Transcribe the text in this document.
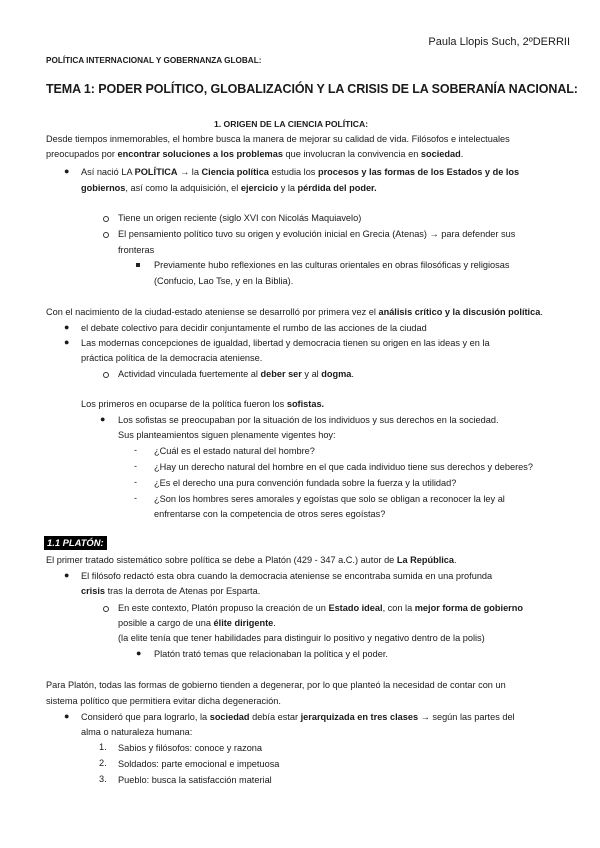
Paula Llopis Such, 2ºDERRII
POLÍTICA INTERNACIONAL Y GOBERNANZA GLOBAL:
TEMA 1: PODER POLÍTICO, GLOBALIZACIÓN Y LA CRISIS DE LA SOBERANÍA NACIONAL:
1. ORIGEN DE LA CIENCIA POLÍTICA:
Desde tiempos inmemorables, el hombre busca la manera de mejorar su calidad de vida. Filósofos e intelectuales
preocupados por encontrar soluciones a los problemas que involucran la convivencia en sociedad.
● Así nació LA POLÍTICA → la Ciencia política estudia los procesos y las formas de los Estados y de los
gobiernos, así como la adquisición, el ejercicio y la pérdida del poder.
Tiene un origen reciente (siglo XVI con Nicolás Maquiavelo)
El pensamiento político tuvo su origen y evolución inicial en Grecia (Atenas) → para defender sus
fronteras
Previamente hubo reflexiones en las culturas orientales en obras filosóficas y religiosas
(Confucio, Lao Tse, y en la Biblia).
Con el nacimiento de la ciudad-estado ateniense se desarrolló por primera vez el análisis crítico y la discusión política.
● el debate colectivo para decidir conjuntamente el rumbo de las acciones de la ciudad
● Las modernas concepciones de igualdad, libertad y democracia tienen su origen en las ideas y en la
práctica política de la democracia ateniense.
Actividad vinculada fuertemente al deber ser y al dogma.
Los primeros en ocuparse de la política fueron los sofistas.
● Los sofistas se preocupaban por la situación de los individuos y sus derechos en la sociedad.
Sus planteamientos siguen plenamente vigentes hoy:
- ¿Cuál es el estado natural del hombre?
- ¿Hay un derecho natural del hombre en el que cada individuo tiene sus derechos y deberes?
- ¿Es el derecho una pura convención fundada sobre la fuerza y la utilidad?
- ¿Son los hombres seres amorales y egoístas que solo se obligan a reconocer la ley al
enfrentarse con la competencia de otros seres egoístas?
1.1 PLATÓN:
El primer tratado sistemático sobre política se debe a Platón (429 - 347 a.C.) autor de La República.
● El filósofo redactó esta obra cuando la democracia ateniense se encontraba sumida en una profunda
crisis tras la derrota de Atenas por Esparta.
En este contexto, Platón propuso la creación de un Estado ideal, con la mejor forma de gobierno
posible a cargo de una élite dirigente.
(la elite tenía que tener habilidades para distinguir lo positivo y negativo dentro de la polis)
● Platón trató temas que relacionaban la política y el poder.
Para Platón, todas las formas de gobierno tienden a degenerar, por lo que planteó la necesidad de contar con un
sistema político que permitiera evitar dicha degeneración.
● Consideró que para lograrlo, la sociedad debía estar jerarquizada en tres clases → según las partes del
alma o naturaleza humana:
1. Sabios y filósofos: conoce y razona
2. Soldados: parte emocional e impetuosa
3. Pueblo: busca la satisfacción material
